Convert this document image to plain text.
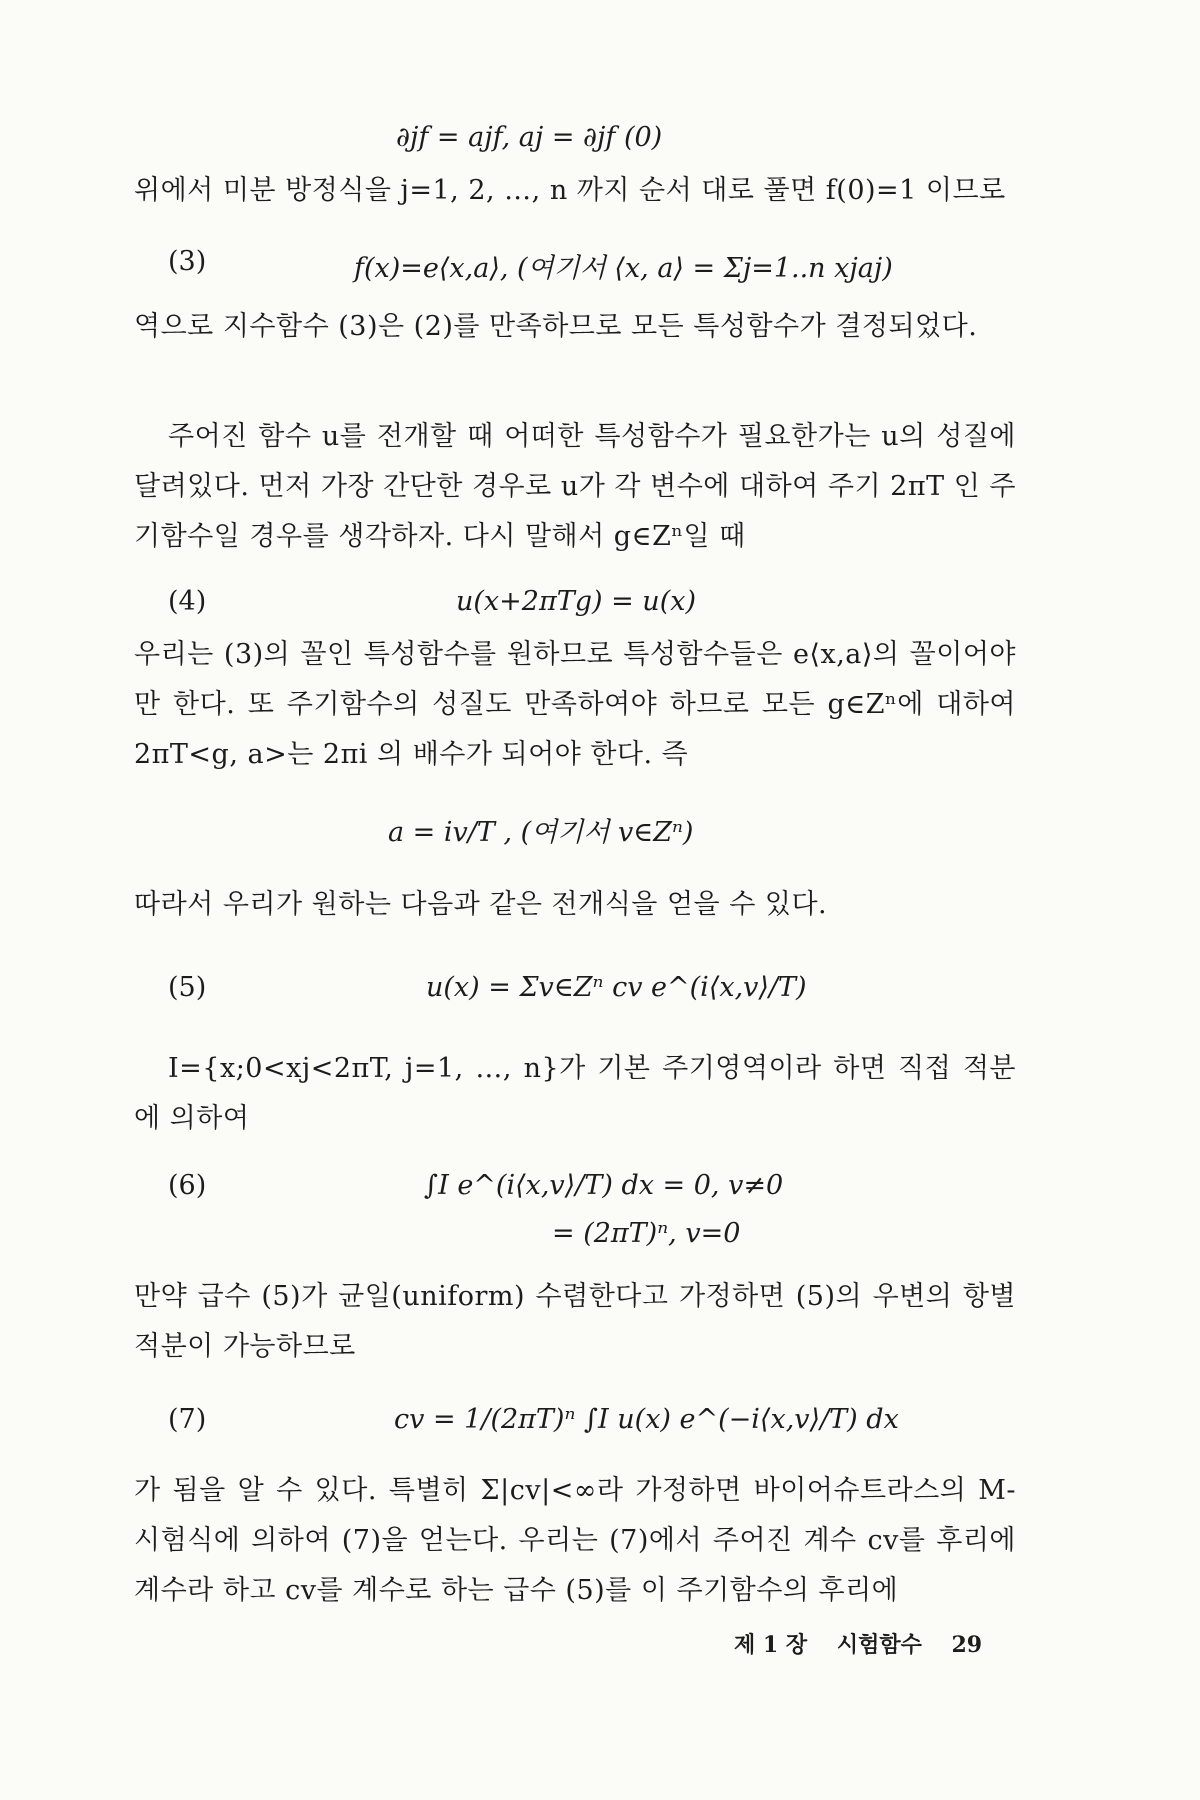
∂jf = ajf, aj = ∂jf (0)
위에서 미분 방정식을 j=1, 2, …, n 까지 순서 대로 풀면 f(0)=1 이므로
(3)	f(x)=e⟨x,a⟩, (여기서 ⟨x, a⟩ = Σj=1..n xjaj)
역으로 지수함수 (3)은 (2)를 만족하므로 모든 특성함수가 결정되었다.
주어진 함수 u를 전개할 때 어떠한 특성함수가 필요한가는 u의 성질에 달려있다. 먼저 가장 간단한 경우로 u가 각 변수에 대하여 주기 2πT 인 주기함수일 경우를 생각하자. 다시 말해서 g∈Zⁿ일 때
(4)	u(x+2πTg) = u(x)
우리는 (3)의 꼴인 특성함수를 원하므로 특성함수들은 e⟨x,a⟩의 꼴이어야만 한다. 또 주기함수의 성질도 만족하여야 하므로 모든 g∈Zⁿ에 대하여 2πT<g, a>는 2πi 의 배수가 되어야 한다. 즉
a = iv/T , (여기서 v∈Zⁿ)
따라서 우리가 원하는 다음과 같은 전개식을 얻을 수 있다.
(5)	u(x) = Σv∈Zⁿ cv e^(i⟨x,v⟩/T)
I={x;0<xj<2πT, j=1, …, n}가 기본 주기영역이라 하면 직접 적분에 의하여
(6)	∫I e^(i⟨x,v⟩/T) dx = 0, v≠0
= (2πT)ⁿ, v=0
만약 급수 (5)가 균일(uniform) 수렴한다고 가정하면 (5)의 우변의 항별 적분이 가능하므로
(7)	cv = 1/(2πT)ⁿ ∫I u(x) e^(−i⟨x,v⟩/T) dx
가 됨을 알 수 있다. 특별히 Σ|cv|<∞라 가정하면 바이어슈트라스의 M- 시험식에 의하여 (7)을 얻는다. 우리는 (7)에서 주어진 계수 cv를 후리에 계수라 하고 cv를 계수로 하는 급수 (5)를 이 주기함수의 후리에
제 1 장 시험함수 29
